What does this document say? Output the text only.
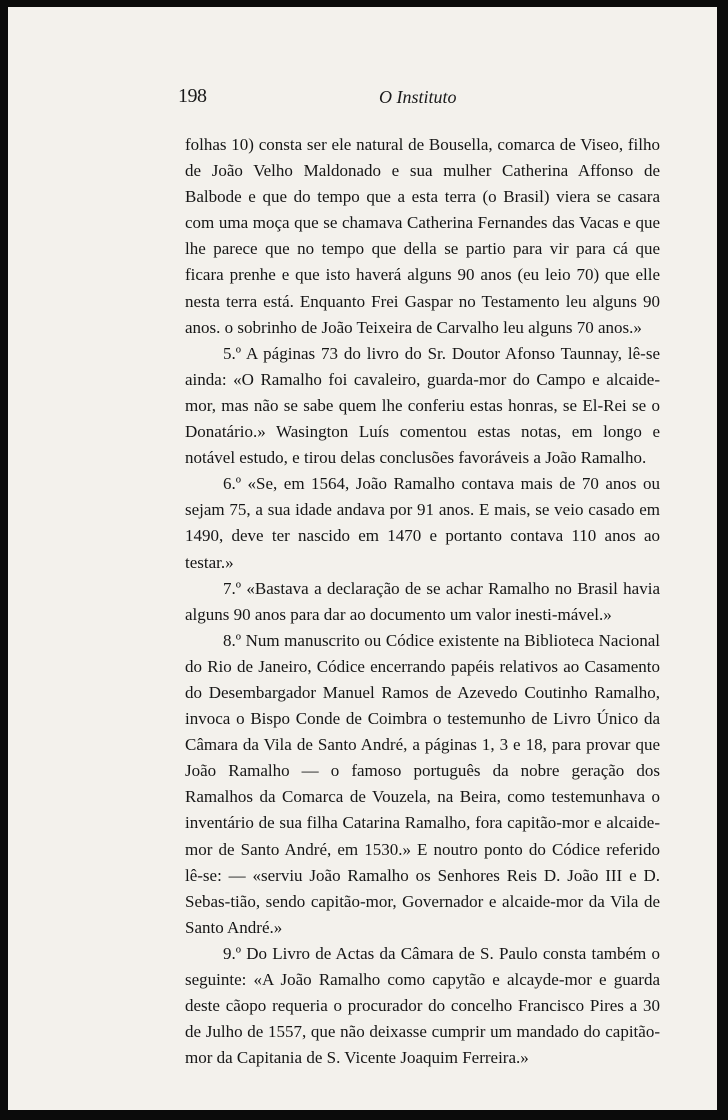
198	O Instituto

folhas 10) consta ser ele natural de Bousella, comarca de Viseo, filho de João Velho Maldonado e sua mulher Catherina Affonso de Balbode e que do tempo que a esta terra (o Brasil) viera se casara com uma moça que se chamava Catherina Fernandes das Vacas e que lhe parece que no tempo que della se partio para vir para cá que ficara prenhe e que isto haverá alguns 90 anos (eu leio 70) que elle nesta terra está. Enquanto Frei Gaspar no Testamento leu alguns 90 anos. o sobrinho de João Teixeira de Carvalho leu alguns 70 anos.»

5.º A páginas 73 do livro do Sr. Doutor Afonso Taunnay, lê-se ainda: «O Ramalho foi cavaleiro, guarda-mor do Campo e alcaide-mor, mas não se sabe quem lhe conferiu estas honras, se El-Rei se o Donatário.» Wasington Luís comentou estas notas, em longo e notável estudo, e tirou delas conclusões favoráveis a João Ramalho.

6.º «Se, em 1564, João Ramalho contava mais de 70 anos ou sejam 75, a sua idade andava por 91 anos. E mais, se veio casado em 1490, deve ter nascido em 1470 e portanto contava 110 anos ao testar.»

7.º «Bastava a declaração de se achar Ramalho no Brasil havia alguns 90 anos para dar ao documento um valor inesti-mável.»

8.º Num manuscrito ou Códice existente na Biblioteca Nacional do Rio de Janeiro, Códice encerrando papéis relativos ao Casamento do Desembargador Manuel Ramos de Azevedo Coutinho Ramalho, invoca o Bispo Conde de Coimbra o testemunho de Livro Único da Câmara da Vila de Santo André, a páginas 1, 3 e 18, para provar que João Ramalho — o famoso português da nobre geração dos Ramalhos da Comarca de Vouzela, na Beira, como testemunhava o inventário de sua filha Catarina Ramalho, fora capitão-mor e alcaide-mor de Santo André, em 1530.» E noutro ponto do Códice referido lê-se: — «serviu João Ramalho os Senhores Reis D. João III e D. Sebas-tião, sendo capitão-mor, Governador e alcaide-mor da Vila de Santo André.»

9.º Do Livro de Actas da Câmara de S. Paulo consta também o seguinte: «A João Ramalho como capytão e alcayde-mor e guarda deste cãopo requeria o procurador do concelho Francisco Pires a 30 de Julho de 1557, que não deixasse cumprir um mandado do capitão-mor da Capitania de S. Vicente Joaquim Ferreira.»
